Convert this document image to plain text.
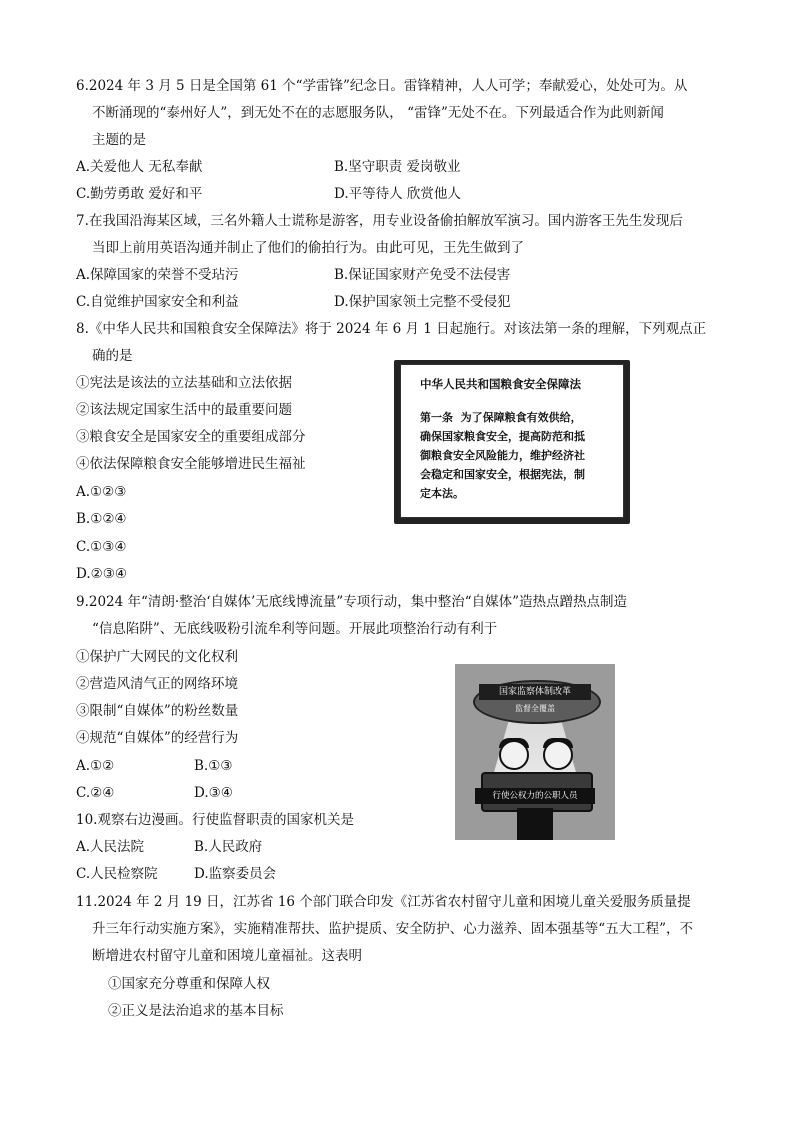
6.2024 年 3 月 5 日是全国第 61 个“学雷锋”纪念日。雷锋精神，人人可学；奉献爱心，处处可为。从
不断涌现的“泰州好人”，到无处不在的志愿服务队， “雷锋”无处不在。下列最适合作为此则新闻
主题的是
A.关爱他人 无私奉献	B.坚守职责 爱岗敬业
C.勤劳勇敢 爱好和平	D.平等待人 欣赏他人
7.在我国沿海某区域，三名外籍人士谎称是游客，用专业设备偷拍解放军演习。国内游客王先生发现后
当即上前用英语沟通并制止了他们的偷拍行为。由此可见，王先生做到了
A.保障国家的荣誉不受玷污	B.保证国家财产免受不法侵害
C.自觉维护国家安全和利益	D.保护国家领土完整不受侵犯
8.《中华人民共和国粮食安全保障法》将于 2024 年 6 月 1 日起施行。对该法第一条的理解，下列观点正
确的是
①宪法是该法的立法基础和立法依据
②该法规定国家生活中的最重要问题
③粮食安全是国家安全的重要组成部分
④依法保障粮食安全能够增进民生福祉
A.①②③
B.①②④
C.①③④
D.②③④
中华人民共和国粮食安全保障法
第一条  为了保障粮食有效供给，
确保国家粮食安全，提高防范和抵
御粮食安全风险能力，维护经济社
会稳定和国家安全，根据宪法，制
定本法。
9.2024 年“清朗·整治‘自媒体’无底线博流量”专项行动，集中整治“自媒体”造热点蹭热点制造
“信息陷阱”、无底线吸粉引流牟利等问题。开展此项整治行动有利于
①保护广大网民的文化权利
②营造风清气正的网络环境
③限制“自媒体”的粉丝数量
④规范“自媒体”的经营行为
A.①②	B.①③
C.②④	D.③④
10.观察右边漫画。行使监督职责的国家机关是
A.人民法院	B.人民政府
C.人民检察院	D.监察委员会
国家监察体制改革
监督全覆盖
行使公权力的公职人员
11.2024 年 2 月 19 日，江苏省 16 个部门联合印发《江苏省农村留守儿童和困境儿童关爱服务质量提
升三年行动实施方案》，实施精准帮扶、监护提质、安全防护、心力滋养、固本强基等“五大工程”，不
断增进农村留守儿童和困境儿童福祉。这表明
①国家充分尊重和保障人权
②正义是法治追求的基本目标
